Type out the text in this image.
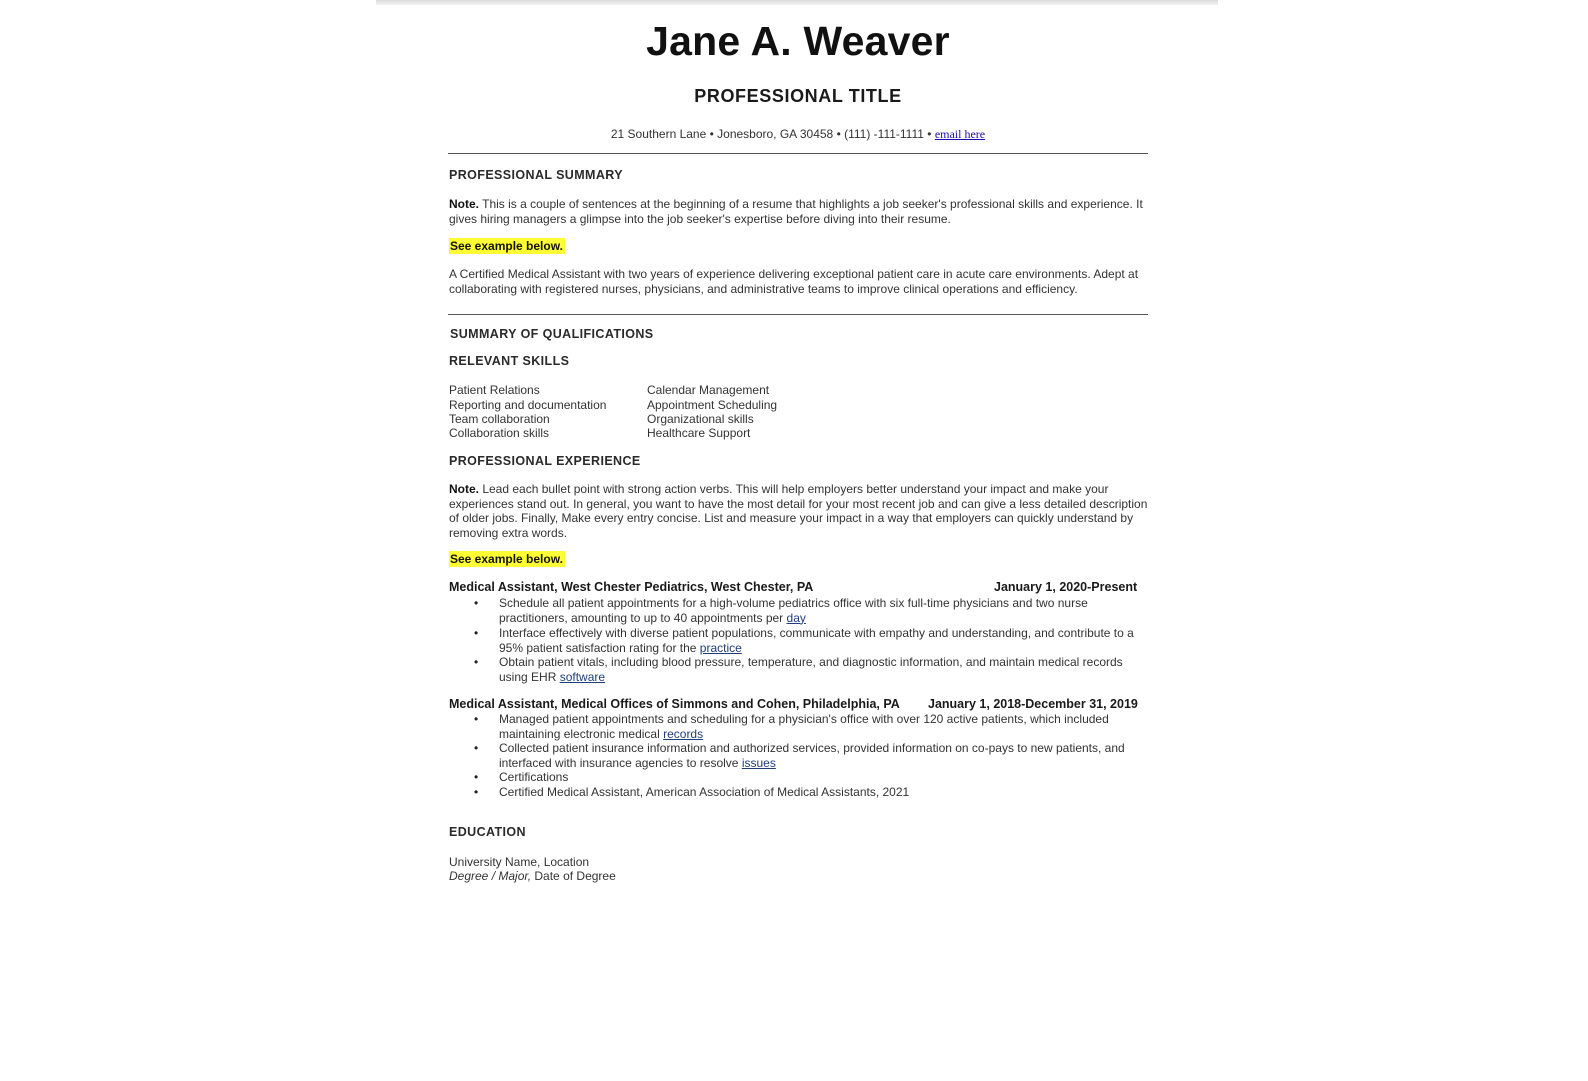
Jane A. Weaver
PROFESSIONAL TITLE
21 Southern Lane • Jonesboro, GA 30458 • (111) -111-1111 • email here
PROFESSIONAL SUMMARY
Note. This is a couple of sentences at the beginning of a resume that highlights a job seeker's professional skills and experience. It gives hiring managers a glimpse into the job seeker's expertise before diving into their resume.
See example below.
A Certified Medical Assistant with two years of experience delivering exceptional patient care in acute care environments. Adept at collaborating with registered nurses, physicians, and administrative teams to improve clinical operations and efficiency.
SUMMARY OF QUALIFICATIONS
RELEVANT SKILLS
Patient Relations
Reporting and documentation
Team collaboration
Collaboration skills
Calendar Management
Appointment Scheduling
Organizational skills
Healthcare Support
PROFESSIONAL EXPERIENCE
Note. Lead each bullet point with strong action verbs. This will help employers better understand your impact and make your experiences stand out. In general, you want to have the most detail for your most recent job and can give a less detailed description of older jobs. Finally, Make every entry concise. List and measure your impact in a way that employers can quickly understand by removing extra words.
See example below.
Medical Assistant, West Chester Pediatrics, West Chester, PA	January 1, 2020-Present
• Schedule all patient appointments for a high-volume pediatrics office with six full-time physicians and two nurse practitioners, amounting to up to 40 appointments per day
• Interface effectively with diverse patient populations, communicate with empathy and understanding, and contribute to a 95% patient satisfaction rating for the practice
• Obtain patient vitals, including blood pressure, temperature, and diagnostic information, and maintain medical records using EHR software
Medical Assistant, Medical Offices of Simmons and Cohen, Philadelphia, PA January 1, 2018-December 31, 2019
• Managed patient appointments and scheduling for a physician's office with over 120 active patients, which included maintaining electronic medical records
• Collected patient insurance information and authorized services, provided information on co-pays to new patients, and interfaced with insurance agencies to resolve issues
• Certifications
• Certified Medical Assistant, American Association of Medical Assistants, 2021
EDUCATION
University Name, Location
Degree / Major, Date of Degree
